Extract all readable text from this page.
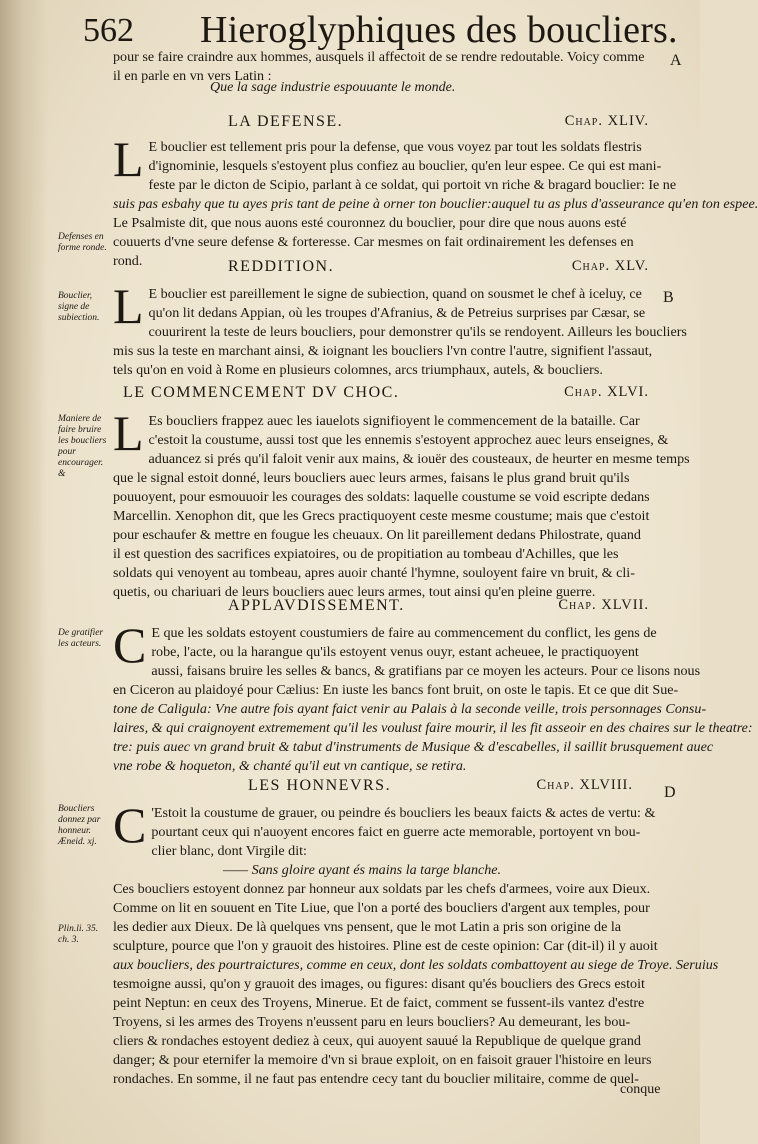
562 Hieroglyphiques des boucliers.

pour se faire craindre aux hommes, ausquels il affectoit de se rendre redoutable. Voicy comme
il en parle en vn vers Latin :

A
Que la sage industrie espouuante le monde.
LA DEFENSE.	Chap. XLIV.
Defenses en forme ronde.

L E bouclier est tellement pris pour la defense, que vous voyez par tout les soldats flestris
d'ignominie, lesquels s'estoyent plus confiez au bouclier, qu'en leur espee. Ce qui est mani-
feste par le dicton de Scipio, parlant à ce soldat, qui portoit vn riche & bragard bouclier: Ie ne
suis pas esbahy que tu ayes pris tant de peine à orner ton bouclier:auquel tu as plus d'asseurance qu'en ton espee.
Le Psalmiste dit, que nous auons esté couronnez du bouclier, pour dire que nous auons esté
couuerts d'vne seure defense & forteresse. Car mesmes on fait ordinairement les defenses en
rond.	REDDITION.	Chap. XLV.
B
Bouclier, signe de subiection. L E bouclier est pareillement le signe de subiection, quand on sousmet le chef à iceluy, ce
qu'on lit dedans Appian, où les troupes d'Afranius, & de Petreius surprises par Cæsar, se
couurirent la teste de leurs boucliers, pour demonstrer qu'ils se rendoyent. Ailleurs les bouсliers
mis sus la teste en marchant ainsi, & ioignant les boucliers l'vn contre l'autre, signifient l'assaut,
tels qu'on en void à Rome en plusieurs colomnes, arcs triumphaux, autels, & boucliers.

LE COMMENCEMENT DV CHOC.	Chap. XLVI.
Maniere de faire bruire les boucliers pour encourager. &

L Es boucliers frappez auec les iauelots signifioyent le commencement de la bataille. Car
c'estoit la coustume, aussi tost que les ennemis s'estoyent approchez auec leurs enseignes, &
aduancez si prés qu'il faloit venir aux mains, & iouër des cousteaux, de heurter en mesme temps
que le signal estoit donné, leurs boucliers auec leurs armes, faisans le plus grand bruit qu'ils
pouuoyent, pour esmouuoir les courages des soldats: laquelle coustume se void escripte dedans
Marcellin. Xenophon dit, que les Grecs practiquoyent ceste mesme coustume; mais que c'estoit
pour eschaufer & mettre en fougue les cheuaux. On lit pareillement dedans Philostrate, quand
il est question des sacrifices expiatoires, ou de propitiation au tombeau d'Achilles, que les
soldats qui venoyent au tombeau, apres auoir chanté l'hymne, souloyent faire vn bruit, & cli-
quetis, ou chariuari de leurs boucliers auec leurs armes, tout ainsi qu'en pleine guerre.

APPLAVDISSEMENT.	Chap. XLVII.
De gratifier les acteurs. C E que les soldats estoyent coustumiers de faire au commencement du conflict, les gens de
robe, l'acte, ou la harangue qu'ils estoyent venus ouyr, estant acheuee, le practiquoyent
aussi, faisans bruire les selles & bancs, & gratifians par ce moyen les acteurs. Pour ce lisons nous
en Ciceron au plaidoyé pour Cælius: En iuste les bancs font bruit, on oste le tapis. Et ce que dit Sue-
tone de Caligula: Vne autre fois ayant faict venir au Palais à la seconde veille, trois personnages Consu-
laires, & qui craignoyent extremement qu'il les voulust faire mourir, il les fit asseoir en des chaires sur le theatre:
tre: puis auec vn grand bruit & tabut d'instruments de Musique & d'escabelles, il saillit brusquement auec
vne robe & hoqueton, & chanté qu'il eut vn cantique, se retira.

LES HONNEVRS.	Chap. XLVIII. D
Boucliers donnez par honneur. Æneid. xj.
Plin.li. 35. ch. 3.

C 'Estoit la coustume de grauer, ou peindre és boucliers les beaux faicts & actes de vertu: &
pourtant ceux qui n'auoyent encores faict en guerre acte memorable, portoyent vn bou-
clier blanc, dont Virgile dit:
—— Sans gloire ayant és mains la targe blanche.
Ces boucliers estoyent donnez par honneur aux soldats par les chefs d'armees, voire aux Dieux.
Comme on lit en souuent en Tite Liue, que l'on a porté des boucliers d'argent aux temples, pour
les dedier aux Dieux. De là quelques vns pensent, que le mot Latin a pris son origine de la
sculpture, pource que l'on y grauoit des histoires. Pline est de ceste opinion: Car (dit-il) il y auoit
aux boucliers, des pourtraictures, comme en ceux, dont les soldats combattoyent au siege de Troye. Seruius
tesmoigne aussi, qu'on y grauoit des images, ou figures: disant qu'és boucliers des Grecs estoit
peint Neptun: en ceux des Troyens, Minerue. Et de faict, comment se fussent-ils vantez d'estre
Troyens, si les armes des Troyens n'eussent paru en leurs boucliers? Au demeurant, les bou-
cliers & rondaches estoyent dediez à ceux, qui auoyent sauué la Republique de quelque grand
danger; & pour eternifer la memoire d'vn si braue exploit, on en faisoit grauer l'histoire en leurs
rondaches. En somme, il ne faut pas entendre cecy tant du bouclier militaire, comme de quel-

conque
